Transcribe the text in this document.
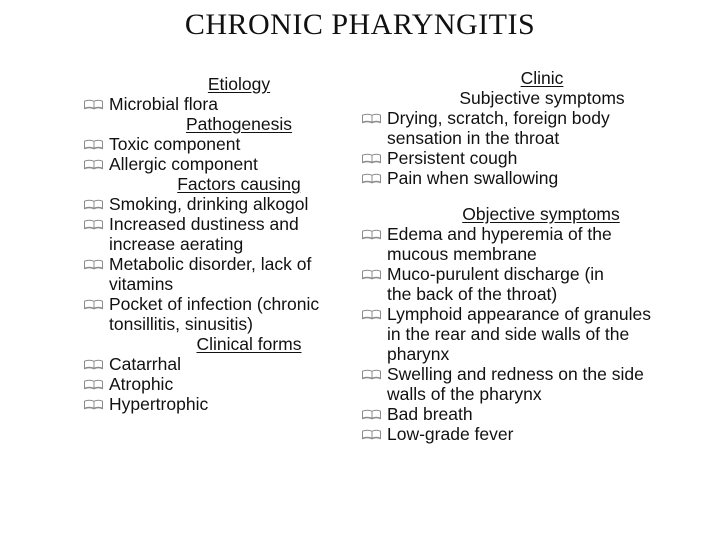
CHRONIC PHARYNGITIS

Etiology

Microbial flora

Pathogenesis

Toxic component
Allergic component

Factors causing

Smoking, drinking alkogol
Increased dustiness and
increase aerating
Metabolic disorder, lack of
vitamins
Pocket of infection (chronic
tonsillitis, sinusitis)

Clinical forms

Catarrhal
Atrophic
Hypertrophic

Clinic

Subjective symptoms

Drying, scratch, foreign body
sensation in the throat
Persistent cough
Pain when swallowing

Objective symptoms

Edema and hyperemia of the
mucous membrane
Muco-purulent discharge (in
the back of the throat)
Lymphoid appearance of granules
in the rear and side walls of the
pharynx
Swelling and redness on the side
walls of the pharynx
Bad breath
Low-grade fever
